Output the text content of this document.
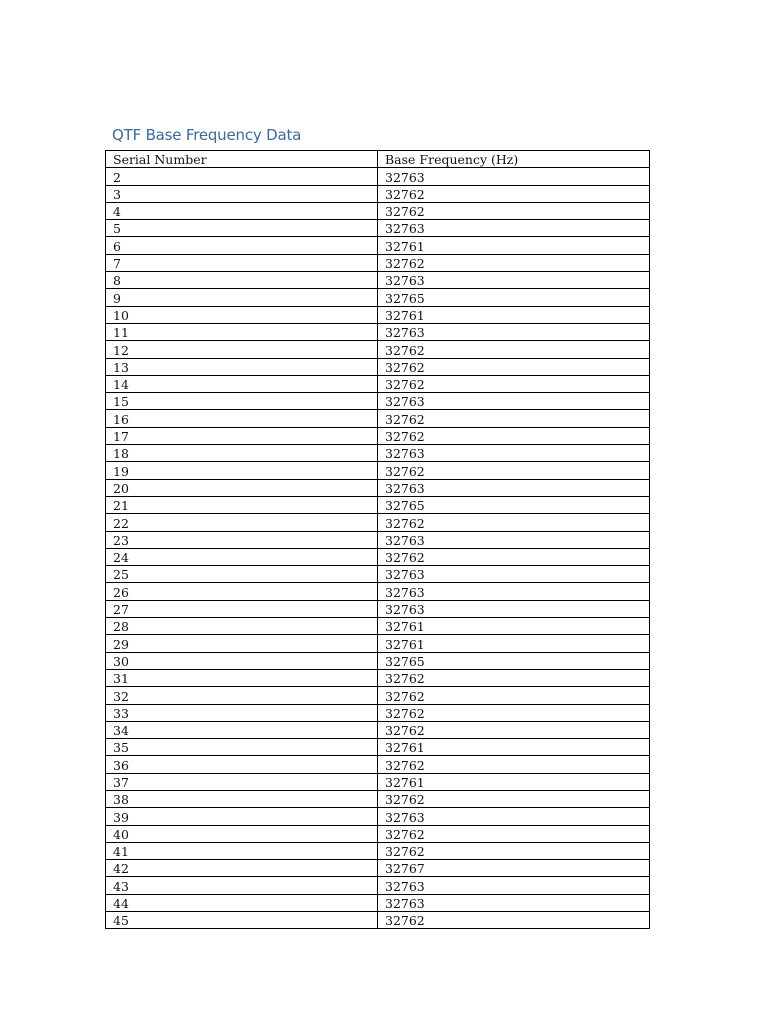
QTF Base Frequency Data
Serial Number	Base Frequency (Hz)
2	32763
3	32762
4	32762
5	32763
6	32761
7	32762
8	32763
9	32765
10	32761
11	32763
12	32762
13	32762
14	32762
15	32763
16	32762
17	32762
18	32763
19	32762
20	32763
21	32765
22	32762
23	32763
24	32762
25	32763
26	32763
27	32763
28	32761
29	32761
30	32765
31	32762
32	32762
33	32762
34	32762
35	32761
36	32762
37	32761
38	32762
39	32763
40	32762
41	32762
42	32767
43	32763
44	32763
45	32762
